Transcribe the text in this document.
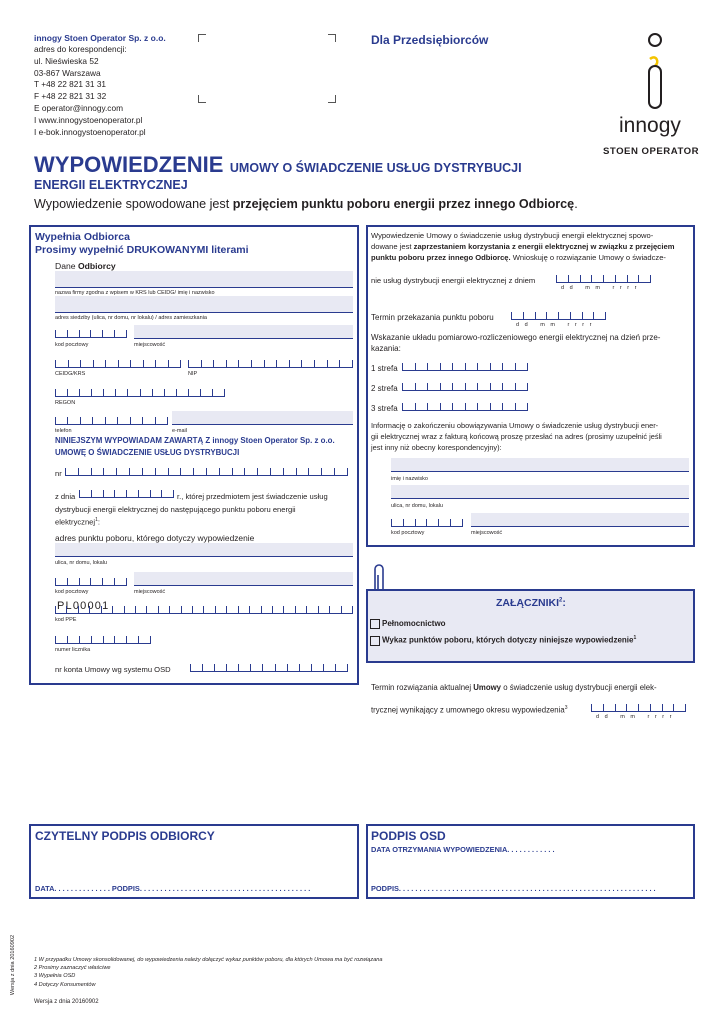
innogy Stoen Operator Sp. z o.o.
adres do korespondencji:
ul. Nieświeska 52
03-867 Warszawa
T +48 22 821 31 31
F +48 22 821 31 32
E operator@innogy.com
I www.innogystoenoperator.pl
I e-bok.innogystoenoperator.pl
Dla Przedsiębiorców
innogy
STOEN OPERATOR
WYPOWIEDZENIE UMOWY O ŚWIADCZENIE USŁUG DYSTRYBUCJI
ENERGII ELEKTRYCZNEJ
Wypowiedzenie spowodowane jest przejęciem punktu poboru energii przez innego Odbiorcę.
Wypełnia Odbiorca
Prosimy wypełnić DRUKOWANYMI literami
Dane Odbiorcy
nazwa firmy zgodna z wpisem w KRS lub CEIDG/ imię i nazwisko
adres siedziby (ulica, nr domu, nr lokalu) / adres zamieszkania
kod pocztowy	miejscowość
CEIDG/KRS	NIP
REGON
telefon	e-mail
NINIEJSZYM WYPOWIADAM ZAWARTĄ Z innogy Stoen Operator Sp. z o.o.
UMOWĘ O ŚWIADCZENIE USŁUG DYSTRYBUCJI
nr
z dnia	r., której przedmiotem jest świadczenie usług
dystrybucji energii elektrycznej do następującego punktu poboru energii
elektrycznej$^1$:
adres punktu poboru, którego dotyczy wypowiedzenie
ulica, nr domu, lokalu
kod pocztowy	miejscowość
PL00001
kod PPE
numer licznika
nr konta Umowy wg systemu OSD
Wypowiedzenie Umowy o świadczenie usług dystrybucji energii elektrycznej spowo-
dowane jest zaprzestaniem korzystania z energii elektrycznej w związku z przejęciem
punktu poboru przez innego Odbiorcę. Wnioskuję o rozwiązanie Umowy o świadcze-
nie usług dystrybucji energii elektrycznej z dniem
d d   m m   r r r r
Termin przekazania punktu poboru
d d   m m   r r r r
Wskazanie układu pomiarowo-rozliczeniowego energii elektrycznej na dzień prze-
kazania:
1 strefa
2 strefa
3 strefa
Informację o zakończeniu obowiązywania Umowy o świadczenie usług dystrybucji ener-
gii elektrycznej wraz z fakturą końcową proszę przesłać na adres (prosimy uzupełnić jeśli
jest inny niż obecny korespondencyjny):
imię i nazwisko
ulica, nr domu, lokalu
kod pocztowy	miejscowość
ZAŁĄCZNIKI$^2$:
Pełnomocnictwo
Wykaz punktów poboru, których dotyczy niniejsze wypowiedzenie$^1$
Termin rozwiązania aktualnej Umowy o świadczenie usług dystrybucji energii elek-
trycznej wynikający z umownego okresu wypowiedzenia$^3$
d d   m m   r r r r
CZYTELNY PODPIS ODBIORCY
DATA. . . . . . . . . . . . . . PODPIS. . . . . . . . . . . . . . . . . . . . . . . . . . . . . . . . . . . . . . . . . .
PODPIS OSD
DATA OTRZYMANIA WYPOWIEDZENIA. . . . . . . . . . . .
PODPIS. . . . . . . . . . . . . . . . . . . . . . . . . . . . . . . . . . . . . . . . . . . . . . . . . . . . . . . . . . . . . . .
1 W przypadku Umowy skonsolidowanej, do wypowiedzenia należy dołączyć wykaz punktów poboru, dla których Umowa ma być rozwiązana
2 Prosimy zaznaczyć właściwe
3 Wypełnia OSD
4 Dotyczy Konsumentów
Wersja z dnia 20160902
Wersja z dnia 20160902
